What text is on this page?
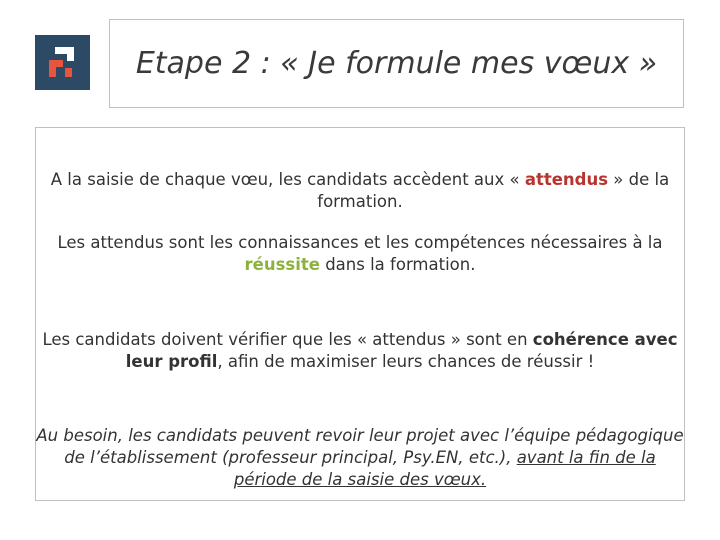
Etape 2 : « Je formule mes vœux »

A la saisie de chaque vœu, les candidats accèdent aux « attendus » de la formation.

Les attendus sont les connaissances et les compétences nécessaires à la réussite dans la formation.

Les candidats doivent vérifier que les « attendus » sont en cohérence avec leur profil, afin de maximiser leurs chances de réussir !

Au besoin, les candidats peuvent revoir leur projet avec l’équipe pédagogique de l’établissement (professeur principal, Psy.EN, etc.), avant la fin de la période de la saisie des vœux.
